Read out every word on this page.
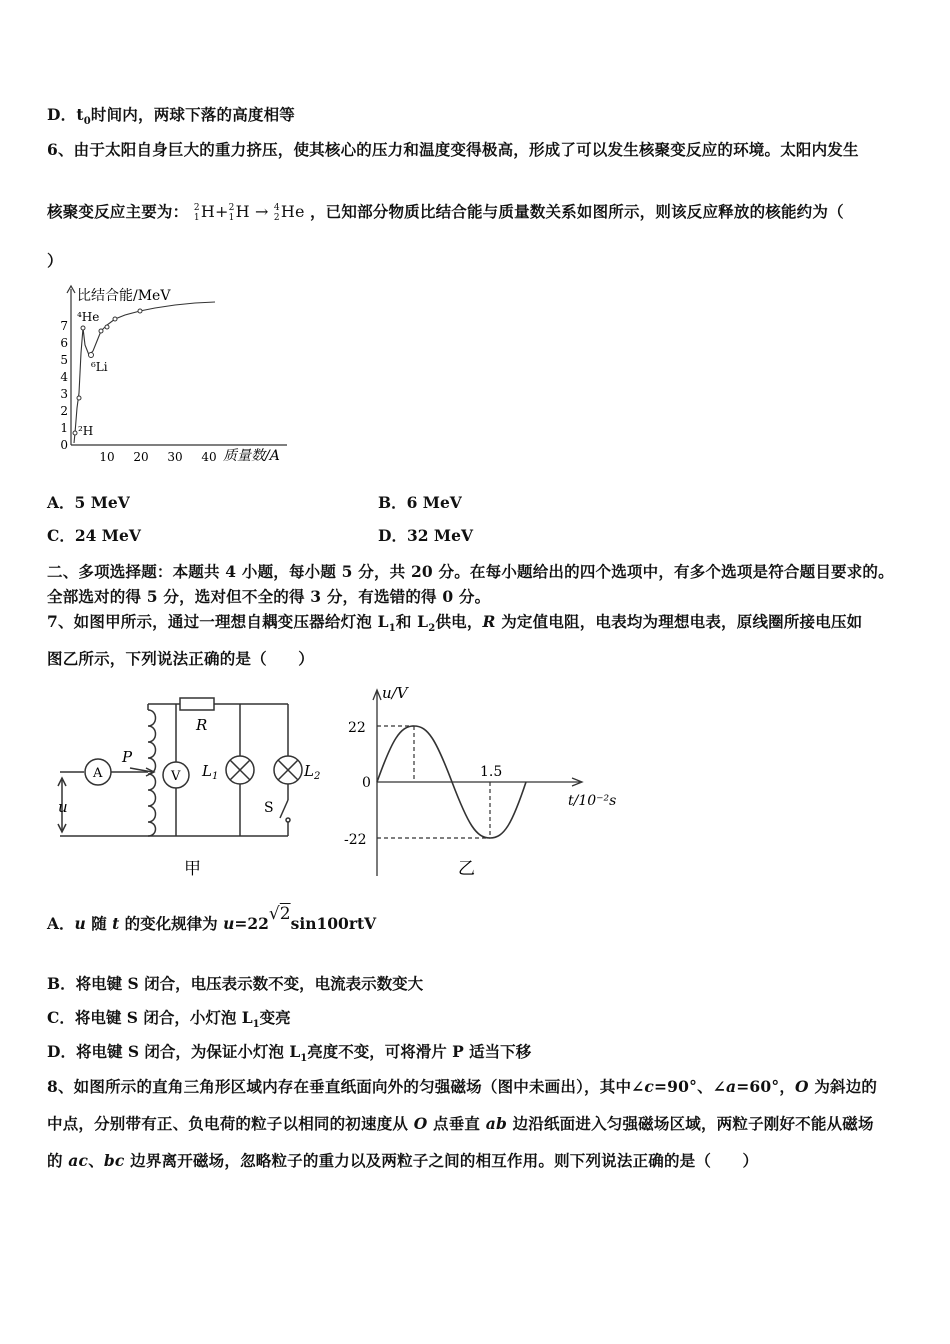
D．$t_0$时间内，两球下落的高度相等
6、由于太阳自身巨大的重力挤压，使其核心的压力和温度变得极高，形成了可以发生核聚变反应的环境。太阳内发生
核聚变反应主要为： 2
1 H+ 2
1 H → 4
2 He ，已知部分物质比结合能与质量数关系如图所示，则该反应释放的核能约为（
）
比结合能/MeV
质量数/A
0
1
2
3
4
5
6
7
10 20 30 40
⁴He
⁶Li
²H
A．5 MeV	B．6 MeV
C．24 MeV	D．32 MeV
二、多项选择题：本题共 4 小题，每小题 5 分，共 20 分。在每小题给出的四个选项中，有多个选项是符合题目要求的。
全部选对的得 5 分，选对但不全的得 3 分，有选错的得 0 分。
7、如图甲所示，通过一理想自耦变压器给灯泡 $L_1$和 $L_2$供电，R 为定值电阻，电表均为理想电表，原线圈所接电压如
图乙所示，下列说法正确的是（　　）
A	V
P
R
$L_1$	$L_2$
u	S
甲
u/V
t/10⁻²s
22
0
-22
1.5
乙
A．u 随 t 的变化规律为 u=22√2sin100rtV
B．将电键 S 闭合，电压表示数不变，电流表示数变大
C．将电键 S 闭合，小灯泡 $L_1$变亮
D．将电键 S 闭合，为保证小灯泡 $L_1$亮度不变，可将滑片 P 适当下移
8、如图所示的直角三角形区域内存在垂直纸面向外的匀强磁场（图中未画出），其中∠c=90°、∠a=60°，O 为斜边的
中点，分别带有正、负电荷的粒子以相同的初速度从 O 点垂直 ab 边沿纸面进入匀强磁场区域，两粒子刚好不能从磁场
的 ac、bc 边界离开磁场，忽略粒子的重力以及两粒子之间的相互作用。则下列说法正确的是（　　）
